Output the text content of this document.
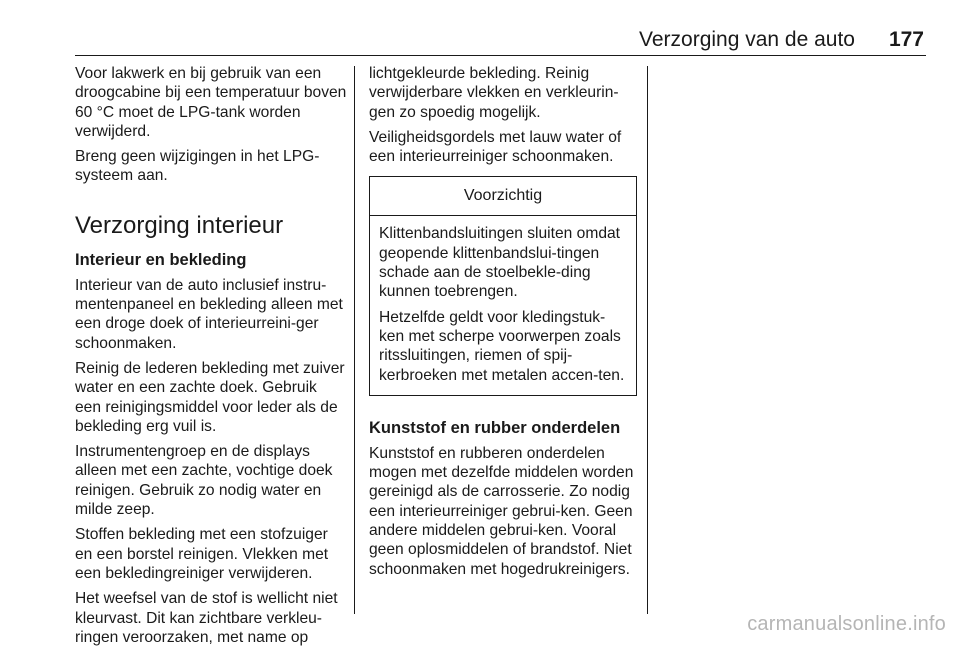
Verzorging van de auto 177

Voor lakwerk en bij gebruik van een droogcabine bij een temperatuur boven 60 °C moet de LPG-tank worden verwijderd.

Breng geen wijzigingen in het LPG-systeem aan.

Verzorging interieur
Interieur en bekleding

Interieur van de auto inclusief instru-mentenpaneel en bekleding alleen met een droge doek of interieurreini-ger schoonmaken.

Reinig de lederen bekleding met zuiver water en een zachte doek. Gebruik een reinigingsmiddel voor leder als de bekleding erg vuil is.

Instrumentengroep en de displays alleen met een zachte, vochtige doek reinigen. Gebruik zo nodig water en milde zeep.

Stoffen bekleding met een stofzuiger en een borstel reinigen. Vlekken met een bekledingreiniger verwijderen.

Het weefsel van de stof is wellicht niet kleurvast. Dit kan zichtbare verkleu-ringen veroorzaken, met name op

lichtgekleurde bekleding. Reinig verwijderbare vlekken en verkleurin-gen zo spoedig mogelijk.

Veiligheidsgordels met lauw water of een interieurreiniger schoonmaken.

Voorzichtig

Klittenbandsluitingen sluiten omdat geopende klittenbandslui-tingen schade aan de stoelbekle-ding kunnen toebrengen.

Hetzelfde geldt voor kledingstuk-ken met scherpe voorwerpen zoals ritssluitingen, riemen of spij-kerbroeken met metalen accen-ten.

Kunststof en rubber onderdelen

Kunststof en rubberen onderdelen mogen met dezelfde middelen worden gereinigd als de carrosserie. Zo nodig een interieurreiniger gebrui-ken. Geen andere middelen gebrui-ken. Vooral geen oplosmiddelen of brandstof. Niet schoonmaken met hogedrukreinigers.

carmanualsonline.info
